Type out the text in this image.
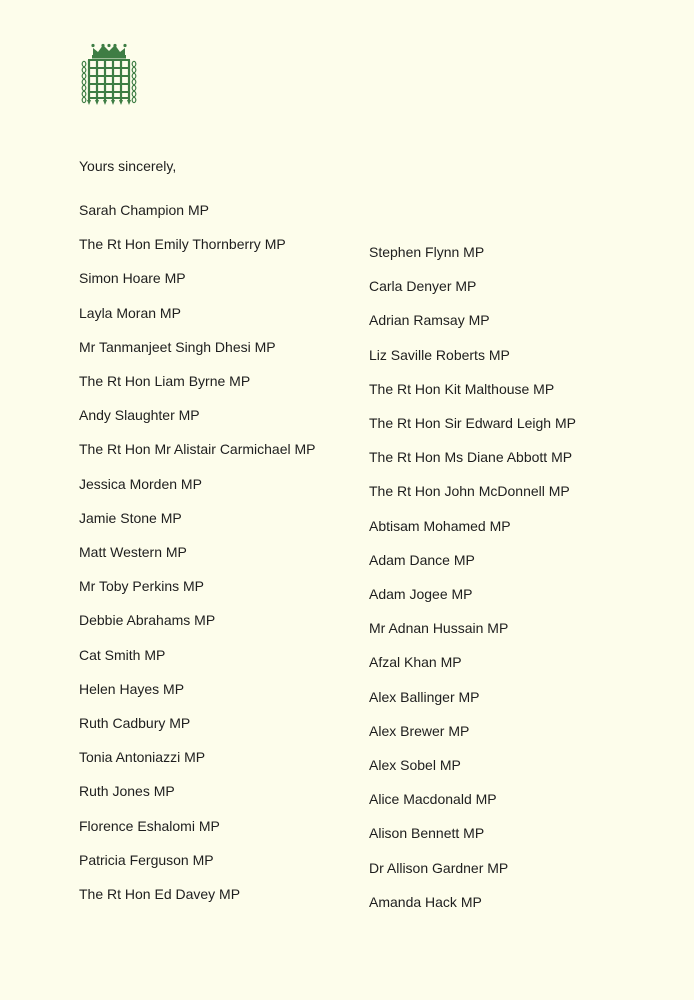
Yours sincerely,

Sarah Champion MP
The Rt Hon Emily Thornberry MP
Simon Hoare MP
Layla Moran MP
Mr Tanmanjeet Singh Dhesi MP
The Rt Hon Liam Byrne MP
Andy Slaughter MP
The Rt Hon Mr Alistair Carmichael MP
Jessica Morden MP
Jamie Stone MP
Matt Western MP
Mr Toby Perkins MP
Debbie Abrahams MP
Cat Smith MP
Helen Hayes MP
Ruth Cadbury MP
Tonia Antoniazzi MP
Ruth Jones MP
Florence Eshalomi MP
Patricia Ferguson MP
The Rt Hon Ed Davey MP
Stephen Flynn MP
Carla Denyer MP
Adrian Ramsay MP
Liz Saville Roberts MP
The Rt Hon Kit Malthouse MP
The Rt Hon Sir Edward Leigh MP
The Rt Hon Ms Diane Abbott MP
The Rt Hon John McDonnell MP
Abtisam Mohamed MP
Adam Dance MP
Adam Jogee MP
Mr Adnan Hussain MP
Afzal Khan MP
Alex Ballinger MP
Alex Brewer MP
Alex Sobel MP
Alice Macdonald MP
Alison Bennett MP
Dr Allison Gardner MP
Amanda Hack MP
